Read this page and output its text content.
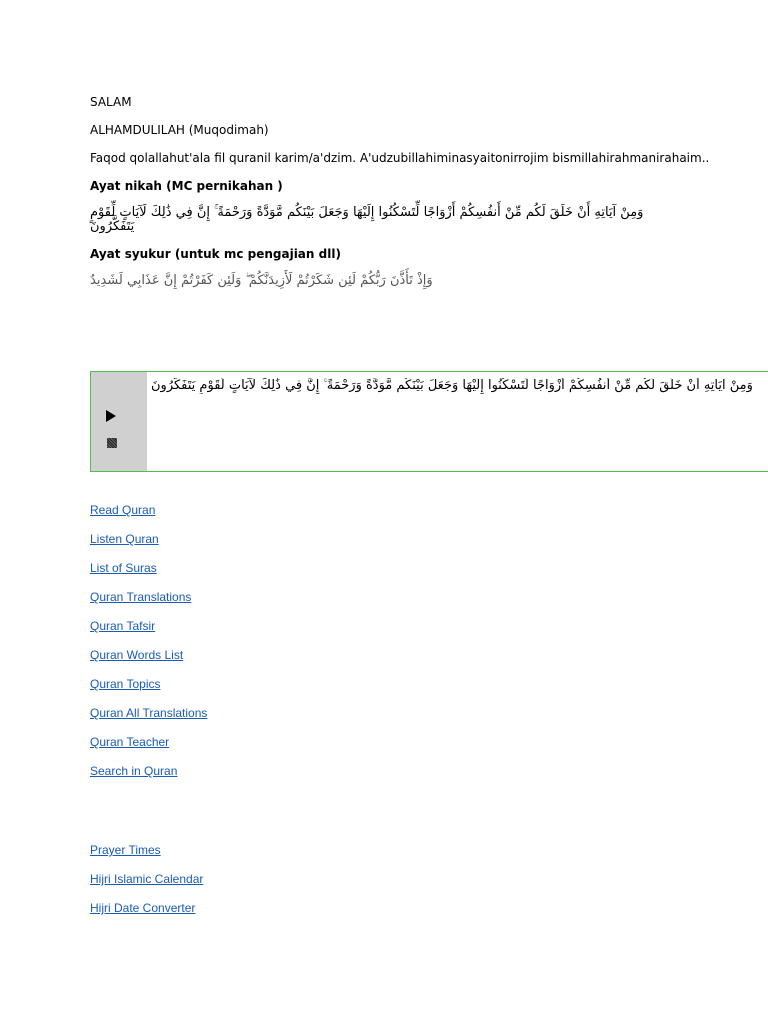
SALAM

ALHAMDULILAH (Muqodimah)

Faqod qolallahut'ala fil quranil karim/a'dzim. A'udzubillahiminasyaitonirrojim bismillahirahmanirahaim..

Ayat nikah (MC pernikahan )

وَمِنْ آيَاتِهِ أَنْ خَلَقَ لَكُم مِّنْ أَنفُسِكُمْ أَزْوَاجًا لِّتَسْكُنُوا إِلَيْهَا وَجَعَلَ بَيْنَكُم مَّوَدَّةً وَرَحْمَةً ۚ إِنَّ فِي ذَٰلِكَ لَآيَاتٍ لِّقَوْمٍ يَتَفَكَّرُونَ

Ayat syukur (untuk mc pengajian dll)

وَإِذْ تَأَذَّنَ رَبُّكُمْ لَئِن شَكَرْتُمْ لَأَزِيدَنَّكُمْ ۖ وَلَئِن كَفَرْتُمْ إِنَّ عَذَابِي لَشَدِيدٌ

وَمِنْ آيَاتِهِ أَنْ خَلَقَ لَكُم مِّنْ أَنفُسِكُمْ أَزْوَاجًا لِّتَسْكُنُوا إِلَيْهَا وَجَعَلَ بَيْنَكُم مَّوَدَّةً وَرَحْمَةً ۚ إِنَّ فِي ذَٰلِكَ لَآيَاتٍ لِّقَوْمٍ يَتَفَكَّرُونَ
Read Quran
Listen Quran
List of Suras
Quran Translations
Quran Tafsir
Quran Words List
Quran Topics
Quran All Translations
Quran Teacher
Search in Quran
Prayer Times
Hijri Islamic Calendar
Hijri Date Converter
